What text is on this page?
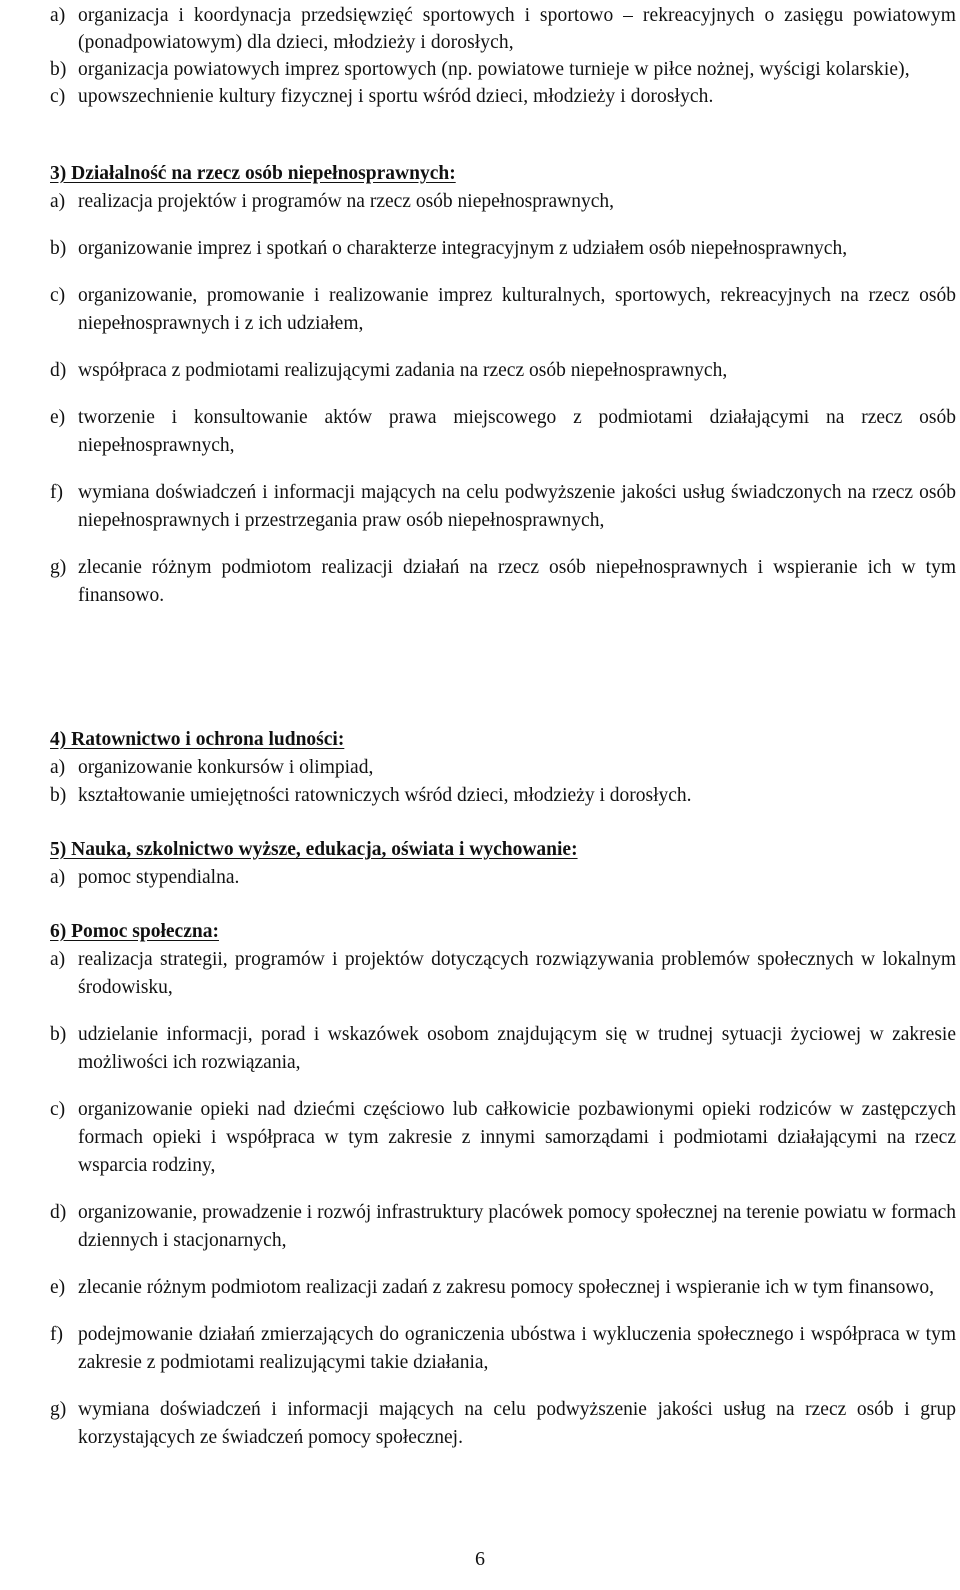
a) organizacja i koordynacja przedsięwzięć sportowych i sportowo – rekreacyjnych o zasięgu powiatowym (ponadpowiatowym) dla dzieci, młodzieży i dorosłych,
b) organizacja powiatowych imprez sportowych (np. powiatowe turnieje w piłce nożnej, wyścigi kolarskie),
c) upowszechnienie kultury fizycznej i sportu wśród dzieci, młodzieży i dorosłych.
3) Działalność na rzecz osób niepełnosprawnych:
a) realizacja projektów i programów na rzecz osób niepełnosprawnych,
b) organizowanie imprez i spotkań o charakterze integracyjnym z udziałem osób niepełnosprawnych,
c) organizowanie, promowanie i realizowanie imprez kulturalnych, sportowych, rekreacyjnych na rzecz osób niepełnosprawnych i z ich udziałem,
d) współpraca z podmiotami realizującymi zadania na rzecz osób niepełnosprawnych,
e) tworzenie i konsultowanie aktów prawa miejscowego z podmiotami działającymi na rzecz osób niepełnosprawnych,
f) wymiana doświadczeń i informacji mających na celu podwyższenie jakości usług świadczonych na rzecz osób niepełnosprawnych i przestrzegania praw osób niepełnosprawnych,
g) zlecanie różnym podmiotom realizacji działań na rzecz osób niepełnosprawnych i wspieranie ich w tym finansowo.
4) Ratownictwo i ochrona ludności:
a) organizowanie konkursów i olimpiad,
b) kształtowanie umiejętności ratowniczych wśród dzieci, młodzieży i dorosłych.
5) Nauka, szkolnictwo wyższe, edukacja, oświata i wychowanie:
a) pomoc stypendialna.
6) Pomoc społeczna:
a) realizacja strategii, programów i projektów dotyczących rozwiązywania problemów społecznych w lokalnym środowisku,
b) udzielanie informacji, porad i wskazówek osobom znajdującym się w trudnej sytuacji życiowej w zakresie możliwości ich rozwiązania,
c) organizowanie opieki nad dziećmi częściowo lub całkowicie pozbawionymi opieki rodziców w zastępczych formach opieki i współpraca w tym zakresie z innymi samorządami i podmiotami działającymi na rzecz wsparcia rodziny,
d) organizowanie, prowadzenie i rozwój infrastruktury placówek pomocy społecznej na terenie powiatu w formach dziennych i stacjonarnych,
e) zlecanie różnym podmiotom realizacji zadań z zakresu pomocy społecznej i wspieranie ich w tym finansowo,
f) podejmowanie działań zmierzających do ograniczenia ubóstwa i wykluczenia społecznego i współpraca w tym zakresie z podmiotami realizującymi takie działania,
g) wymiana doświadczeń i informacji mających na celu podwyższenie jakości usług na rzecz osób i grup korzystających ze świadczeń pomocy społecznej.
6
